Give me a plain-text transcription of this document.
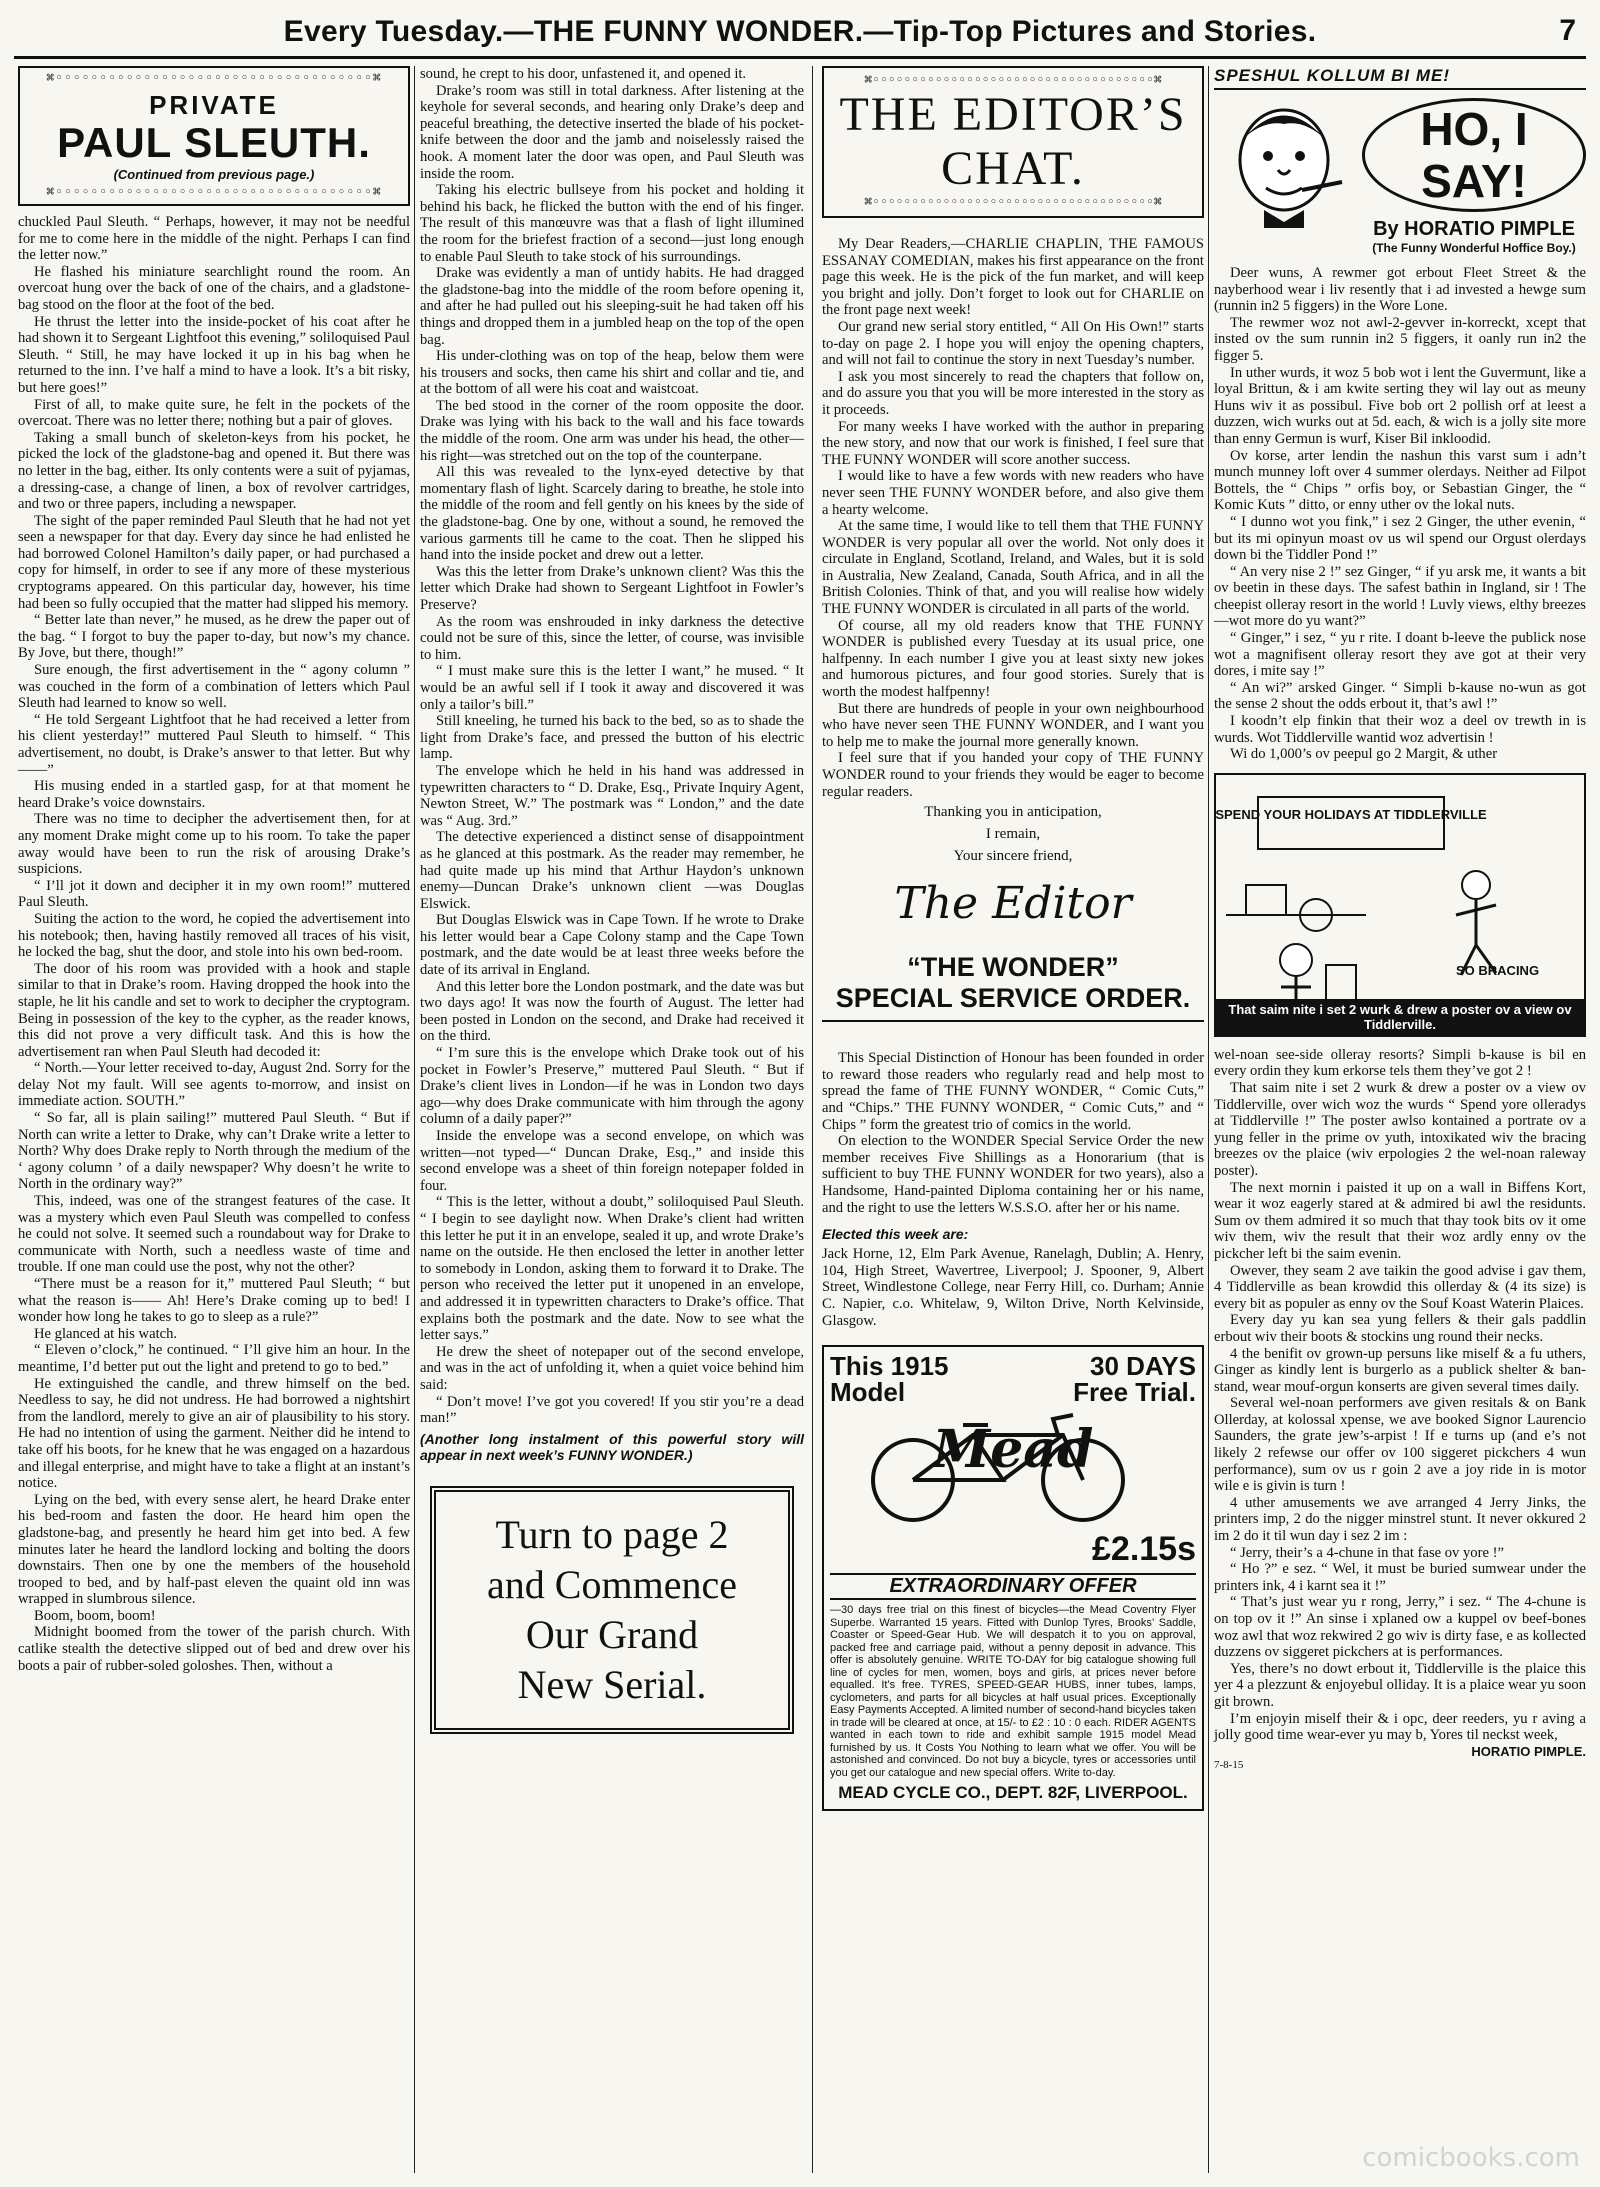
Every Tuesday.—THE FUNNY WONDER.—Tip-Top Pictures and Stories.	7
⌘◦◦◦◦◦◦◦◦◦◦◦◦◦◦◦◦◦◦◦◦◦◦◦◦◦◦◦◦◦◦◦◦◦◦◦◦⌘
PRIVATE
PAUL SLEUTH.
(Continued from previous page.)
⌘◦◦◦◦◦◦◦◦◦◦◦◦◦◦◦◦◦◦◦◦◦◦◦◦◦◦◦◦◦◦◦◦◦◦◦◦⌘

chuckled Paul Sleuth. “ Perhaps, however, it may not be needful for me to come here in the middle of the night. Perhaps I can find the letter now.”

He flashed his miniature searchlight round the room. An overcoat hung over the back of one of the chairs, and a gladstone-bag stood on the floor at the foot of the bed.

He thrust the letter into the inside-pocket of his coat after he had shown it to Sergeant Lightfoot this evening,” soliloquised Paul Sleuth. “ Still, he may have locked it up in his bag when he returned to the inn. I’ve half a mind to have a look. It’s a bit risky, but here goes!”

First of all, to make quite sure, he felt in the pockets of the overcoat. There was no letter there; nothing but a pair of gloves.

Taking a small bunch of skeleton-keys from his pocket, he picked the lock of the gladstone-bag and opened it. But there was no letter in the bag, either. Its only contents were a suit of pyjamas, a dressing-case, a change of linen, a box of revolver cartridges, and two or three papers, including a newspaper.

The sight of the paper reminded Paul Sleuth that he had not yet seen a newspaper for that day. Every day since he had enlisted he had borrowed Colonel Hamilton’s daily paper, or had purchased a copy for himself, in order to see if any more of these mysterious cryptograms appeared. On this particular day, however, his time had been so fully occupied that the matter had slipped his memory.

“ Better late than never,” he mused, as he drew the paper out of the bag. “ I forgot to buy the paper to-day, but now’s my chance. By Jove, but there, though!”

Sure enough, the first advertisement in the “ agony column ” was couched in the form of a combination of letters which Paul Sleuth had learned to know so well.

“ He told Sergeant Lightfoot that he had received a letter from his client yesterday!” muttered Paul Sleuth to himself. “ This advertisement, no doubt, is Drake’s answer to that letter. But why——”

His musing ended in a startled gasp, for at that moment he heard Drake’s voice downstairs.

There was no time to decipher the advertisement then, for at any moment Drake might come up to his room. To take the paper away would have been to run the risk of arousing Drake’s suspicions.

“ I’ll jot it down and decipher it in my own room!” muttered Paul Sleuth.

Suiting the action to the word, he copied the advertisement into his notebook; then, having hastily removed all traces of his visit, he locked the bag, shut the door, and stole into his own bed-room.

The door of his room was provided with a hook and staple similar to that in Drake’s room. Having dropped the hook into the staple, he lit his candle and set to work to decipher the cryptogram. Being in possession of the key to the cypher, as the reader knows, this did not prove a very difficult task. And this is how the advertisement ran when Paul Sleuth had decoded it:

“ North.—Your letter received to-day, August 2nd. Sorry for the delay Not my fault. Will see agents to-morrow, and insist on immediate action. SOUTH.”

“ So far, all is plain sailing!” muttered Paul Sleuth. “ But if North can write a letter to Drake, why can’t Drake write a letter to North? Why does Drake reply to North through the medium of the ‘ agony column ’ of a daily newspaper? Why doesn’t he write to North in the ordinary way?”

This, indeed, was one of the strangest features of the case. It was a mystery which even Paul Sleuth was compelled to confess he could not solve. It seemed such a roundabout way for Drake to communicate with North, such a needless waste of time and trouble. If one man could use the post, why not the other?

“There must be a reason for it,” muttered Paul Sleuth; “ but what the reason is—— Ah! Here’s Drake coming up to bed! I wonder how long he takes to go to sleep as a rule?”

He glanced at his watch.

“ Eleven o’clock,” he continued. “ I’ll give him an hour. In the meantime, I’d better put out the light and pretend to go to bed.”

He extinguished the candle, and threw himself on the bed. Needless to say, he did not undress. He had borrowed a nightshirt from the landlord, merely to give an air of plausibility to his story. He had no intention of using the garment. Neither did he intend to take off his boots, for he knew that he was engaged on a hazardous and illegal enterprise, and might have to take a flight at an instant’s notice.

Lying on the bed, with every sense alert, he heard Drake enter his bed-room and fasten the door. He heard him open the gladstone-bag, and presently he heard him get into bed. A few minutes later he heard the landlord locking and bolting the doors downstairs. Then one by one the members of the household trooped to bed, and by half-past eleven the quaint old inn was wrapped in slumbrous silence.

Boom, boom, boom!

Midnight boomed from the tower of the parish church. With catlike stealth the detective slipped out of bed and drew over his boots a pair of rubber-soled goloshes. Then, without a

sound, he crept to his door, unfastened it, and opened it.

Drake’s room was still in total darkness. After listening at the keyhole for several seconds, and hearing only Drake’s deep and peaceful breathing, the detective inserted the blade of his pocket-knife between the door and the jamb and noiselessly raised the hook. A moment later the door was open, and Paul Sleuth was inside the room.

Taking his electric bullseye from his pocket and holding it behind his back, he flicked the button with the end of his finger. The result of this manœuvre was that a flash of light illumined the room for the briefest fraction of a second—just long enough to enable Paul Sleuth to take stock of his surroundings.

Drake was evidently a man of untidy habits. He had dragged the gladstone-bag into the middle of the room before opening it, and after he had pulled out his sleeping-suit he had taken off his things and dropped them in a jumbled heap on the top of the open bag.

His under-clothing was on top of the heap, below them were his trousers and socks, then came his shirt and collar and tie, and at the bottom of all were his coat and waistcoat.

The bed stood in the corner of the room opposite the door. Drake was lying with his back to the wall and his face towards the middle of the room. One arm was under his head, the other—his right—was stretched out on the top of the counterpane.

All this was revealed to the lynx-eyed detective by that momentary flash of light. Scarcely daring to breathe, he stole into the middle of the room and fell gently on his knees by the side of the gladstone-bag. One by one, without a sound, he removed the various garments till he came to the coat. Then he slipped his hand into the inside pocket and drew out a letter.

Was this the letter from Drake’s unknown client? Was this the letter which Drake had shown to Sergeant Lightfoot in Fowler’s Preserve?

As the room was enshrouded in inky darkness the detective could not be sure of this, since the letter, of course, was invisible to him.

“ I must make sure this is the letter I want,” he mused. “ It would be an awful sell if I took it away and discovered it was only a tailor’s bill.”

Still kneeling, he turned his back to the bed, so as to shade the light from Drake’s face, and pressed the button of his electric lamp.

The envelope which he held in his hand was addressed in typewritten characters to “ D. Drake, Esq., Private Inquiry Agent, Newton Street, W.” The postmark was “ London,” and the date was “ Aug. 3rd.”

The detective experienced a distinct sense of disappointment as he glanced at this postmark. As the reader may remember, he had quite made up his mind that Arthur Haydon’s unknown enemy—Duncan Drake’s unknown client —was Douglas Elswick.

But Douglas Elswick was in Cape Town. If he wrote to Drake his letter would bear a Cape Colony stamp and the Cape Town postmark, and the date would be at least three weeks before the date of its arrival in England.

And this letter bore the London postmark, and the date was but two days ago! It was now the fourth of August. The letter had been posted in London on the second, and Drake had received it on the third.

“ I’m sure this is the envelope which Drake took out of his pocket in Fowler’s Preserve,” muttered Paul Sleuth. “ But if Drake’s client lives in London—if he was in London two days ago—why does Drake communicate with him through the agony column of a daily paper?”

Inside the envelope was a second envelope, on which was written—not typed—“ Duncan Drake, Esq.,” and inside this second envelope was a sheet of thin foreign notepaper folded in four.

“ This is the letter, without a doubt,” soliloquised Paul Sleuth. “ I begin to see daylight now. When Drake’s client had written this letter he put it in an envelope, sealed it up, and wrote Drake’s name on the outside. He then enclosed the letter in another letter to somebody in London, asking them to forward it to Drake. The person who received the letter put it unopened in an envelope, and addressed it in typewritten characters to Drake’s office. That explains both the postmark and the date. Now to see what the letter says.”

He drew the sheet of notepaper out of the second envelope, and was in the act of unfolding it, when a quiet voice behind him said:

“ Don’t move! I’ve got you covered! If you stir you’re a dead man!”

(Another long instalment of this powerful story will appear in next week’s FUNNY WONDER.)

Turn to page 2
and Commence
Our Grand
New Serial.
⌘◦◦◦◦◦◦◦◦◦◦◦◦◦◦◦◦◦◦◦◦◦◦◦◦◦◦◦◦◦◦◦◦◦◦◦◦⌘
THE EDITOR’S
CHAT.
⌘◦◦◦◦◦◦◦◦◦◦◦◦◦◦◦◦◦◦◦◦◦◦◦◦◦◦◦◦◦◦◦◦◦◦◦◦⌘

My Dear Readers,—CHARLIE CHAPLIN, THE FAMOUS ESSANAY COMEDIAN, makes his first appearance on the front page this week. He is the pick of the fun market, and will keep you bright and jolly. Don’t forget to look out for CHARLIE on the front page next week!

Our grand new serial story entitled, “ All On His Own!” starts to-day on page 2. I hope you will enjoy the opening chapters, and will not fail to continue the story in next Tuesday’s number.

I ask you most sincerely to read the chapters that follow on, and do assure you that you will be more interested in the story as it proceeds.

For many weeks I have worked with the author in preparing the new story, and now that our work is finished, I feel sure that THE FUNNY WONDER will score another success.

I would like to have a few words with new readers who have never seen THE FUNNY WONDER before, and also give them a hearty welcome.

At the same time, I would like to tell them that THE FUNNY WONDER is very popular all over the world. Not only does it circulate in England, Scotland, Ireland, and Wales, but it is sold in Australia, New Zealand, Canada, South Africa, and in all the British Colonies. Think of that, and you will realise how widely THE FUNNY WONDER is circulated in all parts of the world.

Of course, all my old readers know that THE FUNNY WONDER is published every Tuesday at its usual price, one halfpenny. In each number I give you at least sixty new jokes and humorous pictures, and four good stories. Surely that is worth the modest halfpenny!

But there are hundreds of people in your own neighbourhood who have never seen THE FUNNY WONDER, and I want you to help me to make the journal more generally known.

I feel sure that if you handed your copy of THE FUNNY WONDER round to your friends they would be eager to become regular readers.

Thanking you in anticipation,
I remain,
Your sincere friend,
The Editor
“THE WONDER”
SPECIAL SERVICE ORDER.

This Special Distinction of Honour has been founded in order to reward those readers who regularly read and help most to spread the fame of THE FUNNY WONDER, “ Comic Cuts,” and “Chips.” THE FUNNY WONDER, “ Comic Cuts,” and “ Chips ” form the greatest trio of comics in the world.

On election to the WONDER Special Service Order the new member receives Five Shillings as a Honorarium (that is sufficient to buy THE FUNNY WONDER for two years), also a Handsome, Hand-painted Diploma containing her or his name, and the right to use the letters W.S.S.O. after her or his name.

Elected this week are:

Jack Horne, 12, Elm Park Avenue, Ranelagh, Dublin; A. Henry, 104, High Street, Wavertree, Liverpool; J. Spooner, 9, Albert Street, Windlestone College, near Ferry Hill, co. Durham; Annie C. Napier, c.o. Whitelaw, 9, Wilton Drive, North Kelvinside, Glasgow.

This 1915
Model
30 DAYS
Free Trial.
Mead
£2.15s
EXTRAORDINARY OFFER
—30 days free trial on this finest of bicycles—the Mead Coventry Flyer Superbe. Warranted 15 years. Fitted with Dunlop Tyres, Brooks’ Saddle, Coaster or Speed-Gear Hub. We will despatch it to you on approval, packed free and carriage paid, without a penny deposit in advance. This offer is absolutely genuine. WRITE TO-DAY for big catalogue showing full line of cycles for men, women, boys and girls, at prices never before equalled. It’s free. TYRES, SPEED-GEAR HUBS, inner tubes, lamps, cyclometers, and parts for all bicycles at half usual prices. Exceptionally Easy Payments Accepted. A limited number of second-hand bicycles taken in trade will be cleared at once, at 15/- to £2 : 10 : 0 each. RIDER AGENTS wanted in each town to ride and exhibit sample 1915 model Mead furnished by us. It Costs You Nothing to learn what we offer. You will be astonished and convinced. Do not buy a bicycle, tyres or accessories until you get our catalogue and new special offers. Write to-day.
MEAD CYCLE CO., DEPT. 82F, LIVERPOOL.
SPESHUL KOLLUM BI ME!
HO, I SAY!
By HORATIO PIMPLE
(The Funny Wonderful Hoffice Boy.)

Deer wuns, A rewmer got erbout Fleet Street & the nayberhood wear i liv resently that i ad invested a hewge sum (runnin in2 5 figgers) in the Wore Lone.

The rewmer woz not awl-2-gevver in-korreckt, xcept that insted ov the sum runnin in2 5 figgers, it oanly run in2 the figger 5.

In uther wurds, it woz 5 bob wot i lent the Guvermunt, like a loyal Brittun, & i am kwite serting they wil lay out as meuny Huns wiv it as possibul. Five bob ort 2 pollish orf at leest a duzzen, wich wurks out at 5d. each, & wich is a jolly site more than enny Germun is wurf, Kiser Bil inkloodid.

Ov korse, arter lendin the nashun this varst sum i adn’t munch munney loft over 4 summer olerdays. Neither ad Filpot Bottels, the “ Chips ” orfis boy, or Sebastian Ginger, the “ Komic Kuts ” ditto, or enny uther ov the lokal nuts.

“ I dunno wot you fink,” i sez 2 Ginger, the uther evenin, “ but its mi opinyun moast ov us wil spend our Orgust olerdays down bi the Tiddler Pond !”

“ An very nise 2 !” sez Ginger, “ if yu arsk me, it wants a bit ov beetin in these days. The safest bathin in Ingland, sir ! The cheepist olleray resort in the world ! Luvly views, elthy breezes—wot more do yu want?”

“ Ginger,” i sez, “ yu r rite. I doant b-leeve the publick nose wot a magnifisent olleray resort they ave got at their very dores, i mite say !”

“ An wi?” arsked Ginger. “ Simpli b-kause no-wun as got the sense 2 shout the odds erbout it, that’s awl !”

I koodn’t elp finkin that their woz a deel ov trewth in is wurds. Wot Tiddlerville wantid woz advertisin !

Wi do 1,000’s ov peepul go 2 Margit, & uther

SPEND YOUR HOLIDAYS AT TIDDLERVILLE
SO BRACING
That saim nite i set 2 wurk & drew a poster ov a view ov Tiddlerville.

wel-noan see-side olleray resorts? Simpli b-kause is bil en every ordin they kum erkorse tels them they’ve got 2 !

That saim nite i set 2 wurk & drew a poster ov a view ov Tiddlerville, over wich woz the wurds “ Spend yore olleradys at Tiddlerville !” The poster awlso kontained a portrate ov a yung feller in the prime ov yuth, intoxikated wiv the bracing breezes ov the plaice (wiv erpologies 2 the wel-noan raleway poster).

The next mornin i paisted it up on a wall in Biffens Kort, wear it woz eagerly stared at & admired bi awl the residunts. Sum ov them admired it so much that thay took bits ov it ome wiv them, wiv the result that their woz ardly enny ov the pickcher left bi the saim evenin.

Owever, they seam 2 ave taikin the good advise i gav them, 4 Tiddlerville as bean krowdid this ollerday & (4 its size) is every bit as populer as enny ov the Souf Koast Waterin Plaices.

Every day yu kan sea yung fellers & their gals paddlin erbout wiv their boots & stockins ung round their necks.

4 the benifit ov grown-up persuns like miself & a fu uthers, Ginger as kindly lent is burgerlo as a publick shelter & ban-stand, wear mouf-orgun konserts are given several times daily.

Several wel-noan performers ave given resitals & on Bank Ollerday, at kolossal xpense, we ave booked Signor Laurencio Saunders, the grate jew’s-arpist ! If e turns up (and e’s not likely 2 refewse our offer ov 100 siggeret pickchers 4 wun performance), sum ov us r goin 2 ave a joy ride in is motor wile e is givin is turn !

4 uther amusements we ave arranged 4 Jerry Jinks, the printers imp, 2 do the nigger minstrel stunt. It never okkured 2 im 2 do it til wun day i sez 2 im :

“ Jerry, their’s a 4-chune in that fase ov yore !”

“ Ho ?” e sez. “ Wel, it must be buried sumwear under the printers ink, 4 i karnt sea it !”

“ That’s just wear yu r rong, Jerry,” i sez. “ The 4-chune is on top ov it !” An sinse i xplaned ow a kuppel ov beef-bones woz awl that woz rekwired 2 go wiv is dirty fase, e as kollected duzzens ov siggeret pickchers at is performances.

Yes, there’s no dowt erbout it, Tiddlerville is the plaice this yer 4 a plezzunt & enjoyebul olliday. It is a plaice wear yu soon git brown.

I’m enjoyin miself their & i opc, deer reeders, yu r aving a jolly good time wear-ever yu may b, Yores til neckst week,

HORATIO PIMPLE.
7-8-15
comicbooks.com
